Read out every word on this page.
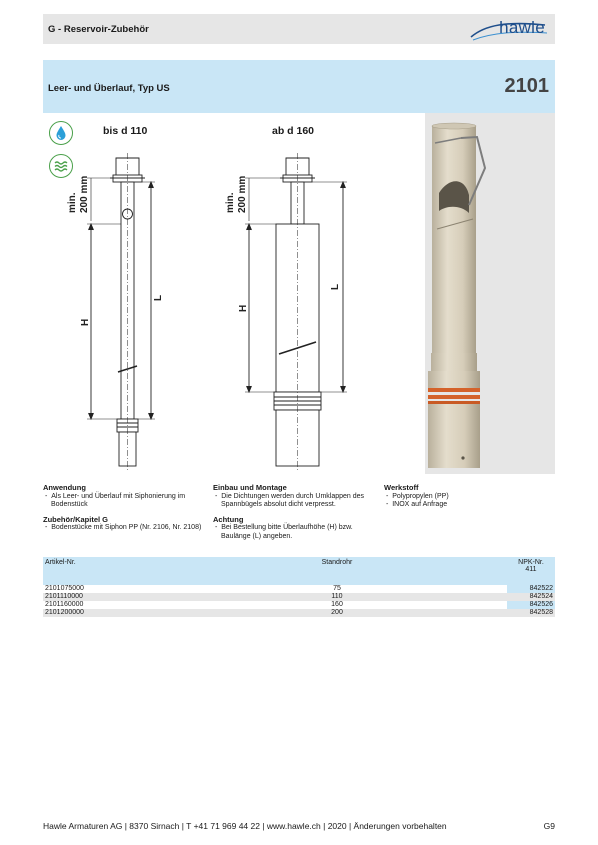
G - Reservoir-Zubehör	hawle
Leer- und Überlauf, Typ US	2101
bis d 110	ab d 160
min. 200 mm
H
L
min. 200 mm
H
L
Anwendung
-  Als Leer- und Überlauf mit Siphonierung im Bodenstück
Zubehör/Kapitel G
-  Bodenstücke mit Siphon PP (Nr. 2106, Nr. 2108)
Einbau und Montage
-  Die Dichtungen werden durch Umklappen des Spannbügels absolut dicht verpresst.
Achtung
-  Bei Bestellung bitte Überlaufhöhe (H) bzw. Baulänge (L) angeben.
Werkstoff
-  Polypropylen (PP)
-  INOX auf Anfrage
Artikel-Nr.	Standrohr	NPK-Nr.
411

2101075000	75	842522
2101110000	110	842524
2101160000	160	842526
2101200000	200	842528
Hawle Armaturen AG | 8370 Sirnach | T +41 71 969 44 22 | www.hawle.ch | 2020 | Änderungen vorbehalten	G9
